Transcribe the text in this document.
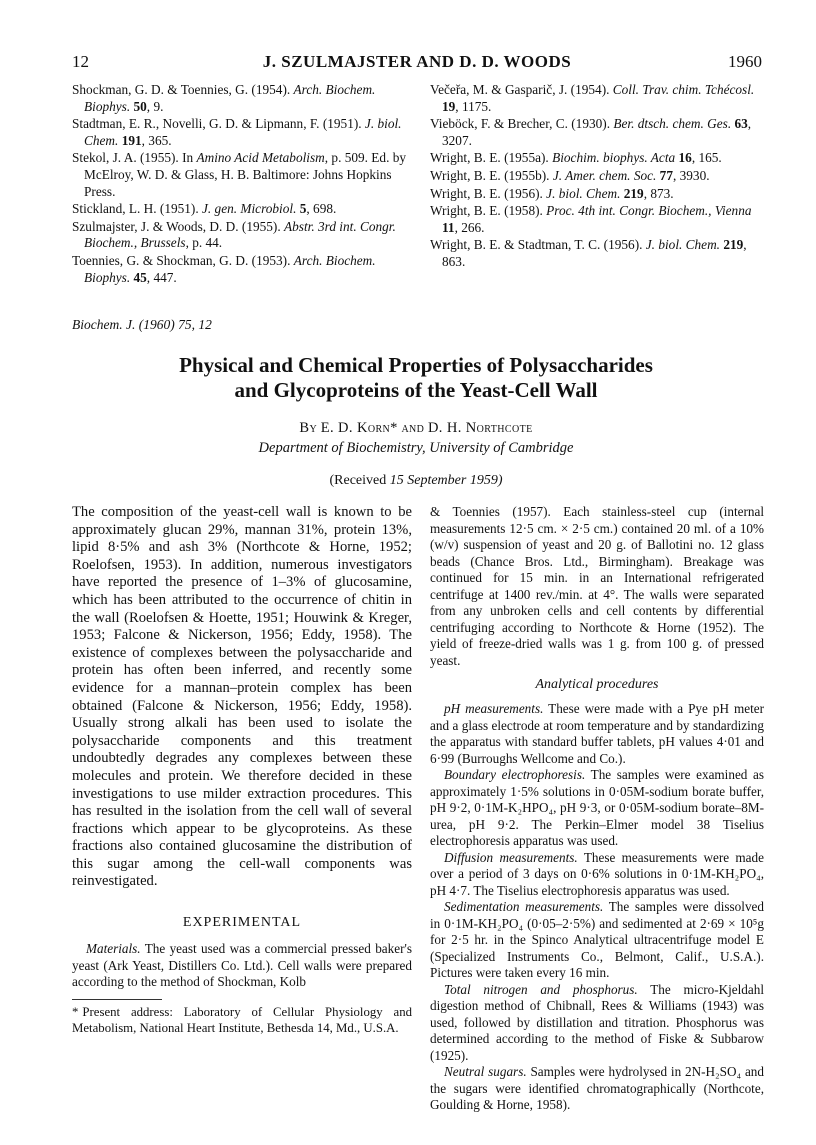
12	J. SZULMAJSTER AND D. D. WOODS	1960

Shockman, G. D. & Toennies, G. (1954). Arch. Biochem. Biophys. 50, 9.

Stadtman, E. R., Novelli, G. D. & Lipmann, F. (1951). J. biol. Chem. 191, 365.

Stekol, J. A. (1955). In Amino Acid Metabolism, p. 509. Ed. by McElroy, W. D. & Glass, H. B. Baltimore: Johns Hopkins Press.

Stickland, L. H. (1951). J. gen. Microbiol. 5, 698.

Szulmajster, J. & Woods, D. D. (1955). Abstr. 3rd int. Congr. Biochem., Brussels, p. 44.

Toennies, G. & Shockman, G. D. (1953). Arch. Biochem. Biophys. 45, 447.

Večeřa, M. & Gasparič, J. (1954). Coll. Trav. chim. Tchécosl. 19, 1175.

Vieböck, F. & Brecher, C. (1930). Ber. dtsch. chem. Ges. 63, 3207.

Wright, B. E. (1955a). Biochim. biophys. Acta 16, 165.

Wright, B. E. (1955b). J. Amer. chem. Soc. 77, 3930.

Wright, B. E. (1956). J. biol. Chem. 219, 873.

Wright, B. E. (1958). Proc. 4th int. Congr. Biochem., Vienna 11, 266.

Wright, B. E. & Stadtman, T. C. (1956). J. biol. Chem. 219, 863.

Biochem. J. (1960) 75, 12
Physical and Chemical Properties of Polysaccharides
and Glycoproteins of the Yeast-Cell Wall
By E. D. Korn* and D. H. Northcote
Department of Biochemistry, University of Cambridge
(Received 15 September 1959)

The composition of the yeast-cell wall is known to be approximately glucan 29%, mannan 31%, protein 13%, lipid 8·5% and ash 3% (Northcote & Horne, 1952; Roelofsen, 1953). In addition, numerous investigators have reported the presence of 1–3% of glucosamine, which has been attributed to the occurrence of chitin in the wall (Roelofsen & Hoette, 1951; Houwink & Kreger, 1953; Falcone & Nickerson, 1956; Eddy, 1958). The existence of complexes between the polysaccharide and protein has often been inferred, and recently some evidence for a mannan–protein complex has been obtained (Falcone & Nickerson, 1956; Eddy, 1958). Usually strong alkali has been used to isolate the polysaccharide components and this treatment undoubtedly degrades any complexes between these molecules and protein. We therefore decided in these investigations to use milder extraction procedures. This has resulted in the isolation from the cell wall of several fractions which appear to be glycoproteins. As these fractions also contained glucosamine the distribution of this sugar among the cell-wall components was reinvestigated.

EXPERIMENTAL

Materials. The yeast used was a commercial pressed baker's yeast (Ark Yeast, Distillers Co. Ltd.). Cell walls were prepared according to the method of Shockman, Kolb

& Toennies (1957). Each stainless-steel cup (internal measurements 12·5 cm. × 2·5 cm.) contained 20 ml. of a 10% (w/v) suspension of yeast and 20 g. of Ballotini no. 12 glass beads (Chance Bros. Ltd., Birmingham). Breakage was continued for 15 min. in an International refrigerated centrifuge at 1400 rev./min. at 4°. The walls were separated from any unbroken cells and cell contents by differential centrifuging according to Northcote & Horne (1952). The yield of freeze-dried walls was 1 g. from 100 g. of pressed yeast.

Analytical procedures

pH measurements. These were made with a Pye pH meter and a glass electrode at room temperature and by standardizing the apparatus with standard buffer tablets, pH values 4·01 and 6·99 (Burroughs Wellcome and Co.).

Boundary electrophoresis. The samples were examined as approximately 1·5% solutions in 0·05M-sodium borate buffer, pH 9·2, 0·1M-K₂HPO₄, pH 9·3, or 0·05M-sodium borate–8M-urea, pH 9·2. The Perkin–Elmer model 38 Tiselius electrophoresis apparatus was used.

Diffusion measurements. These measurements were made over a period of 3 days on 0·6% solutions in 0·1M-KH₂PO₄, pH 4·7. The Tiselius electrophoresis apparatus was used.

Sedimentation measurements. The samples were dissolved in 0·1M-KH₂PO₄ (0·05–2·5%) and sedimented at 2·69 × 10⁵g for 2·5 hr. in the Spinco Analytical ultracentrifuge model E (Specialized Instruments Co., Belmont, Calif., U.S.A.). Pictures were taken every 16 min.

Total nitrogen and phosphorus. The micro-Kjeldahl digestion method of Chibnall, Rees & Williams (1943) was used, followed by distillation and titration. Phosphorus was determined according to the method of Fiske & Subbarow (1925).

Neutral sugars. Samples were hydrolysed in 2N-H₂SO₄ and the sugars were identified chromatographically (Northcote, Goulding & Horne, 1958).

* Present address: Laboratory of Cellular Physiology and Metabolism, National Heart Institute, Bethesda 14, Md., U.S.A.
